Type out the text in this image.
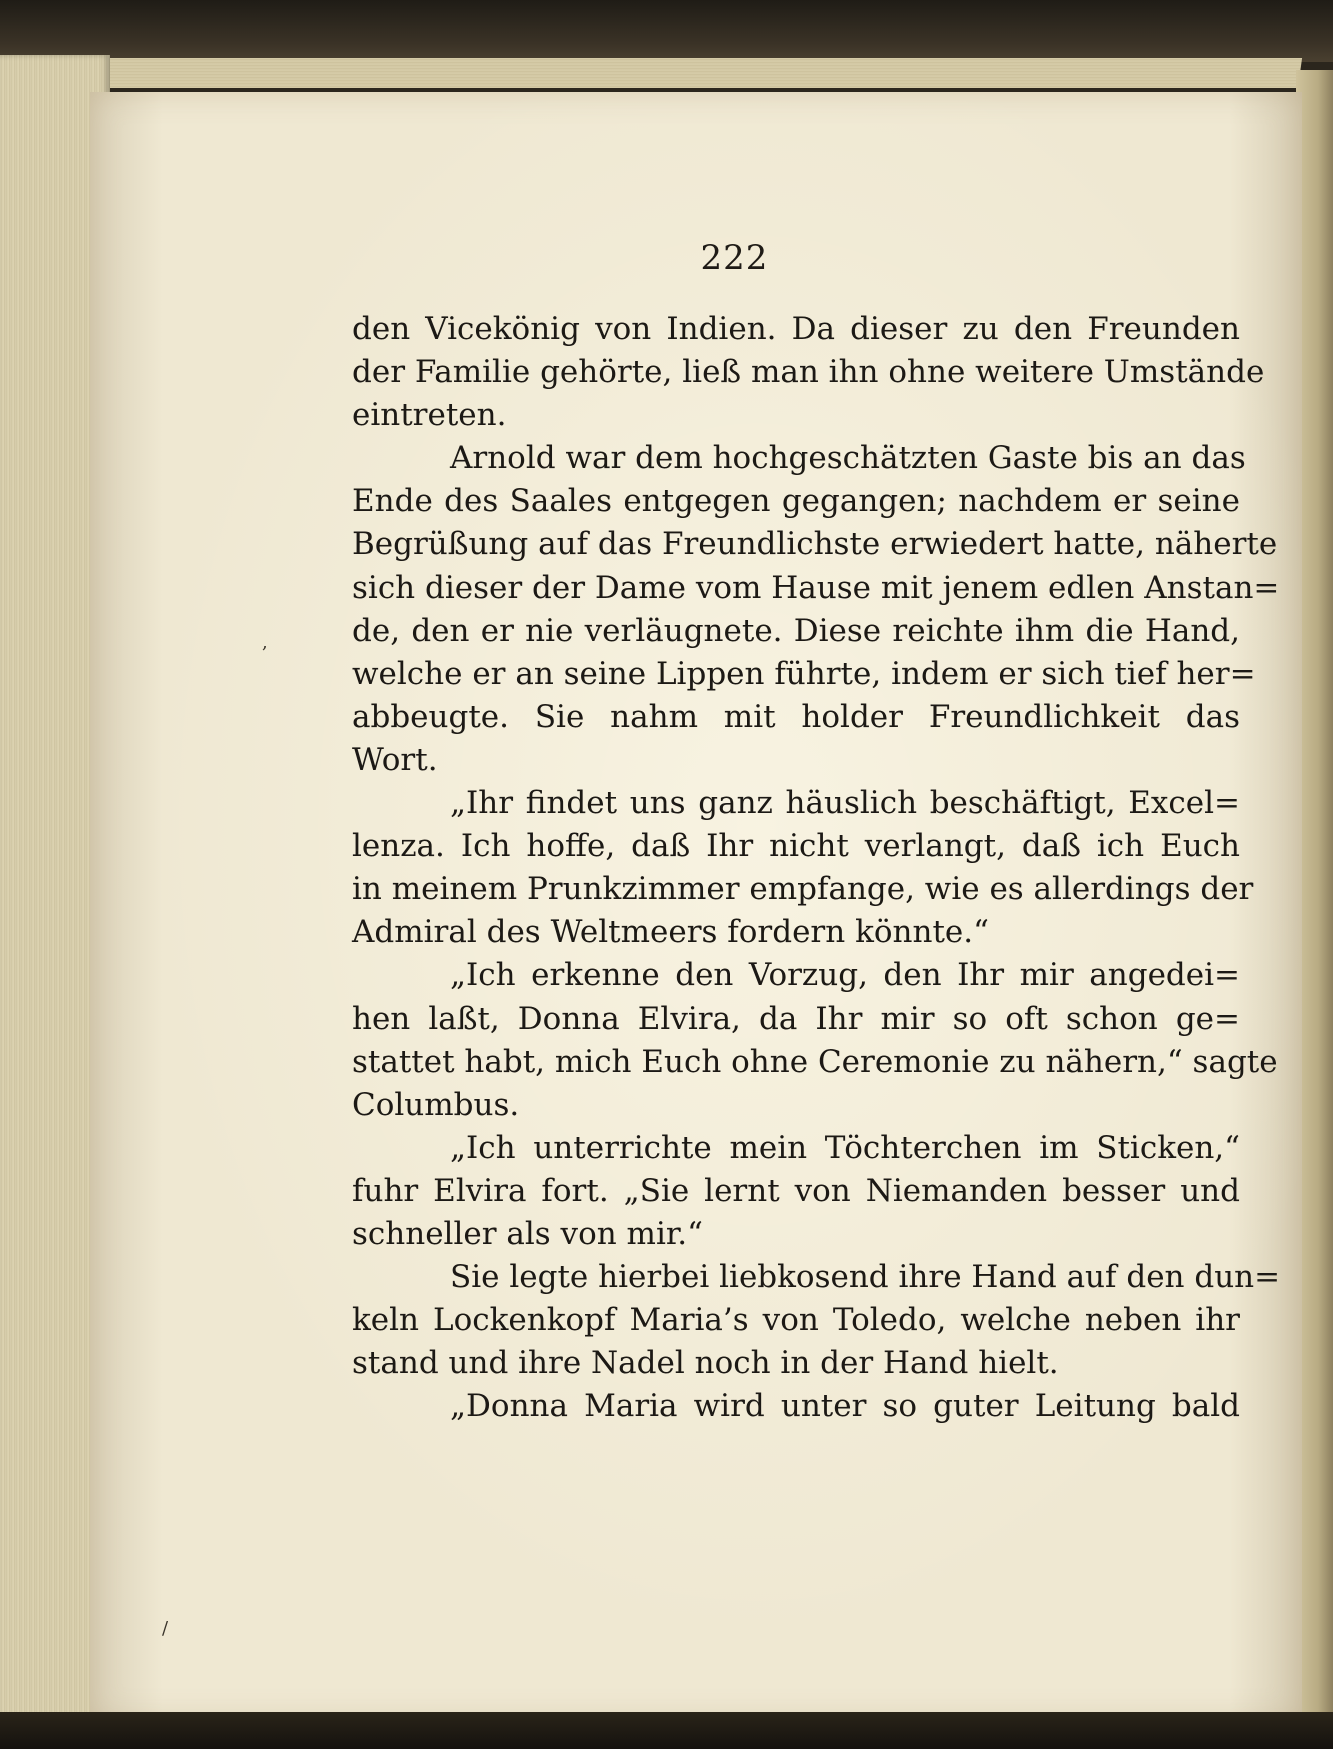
222
den Vicekönig von Indien. Da dieser zu den Freunden
der Familie gehörte, ließ man ihn ohne weitere Umstände
eintreten.
Arnold war dem hochgeschätzten Gaste bis an das
Ende des Saales entgegen gegangen; nachdem er seine
Begrüßung auf das Freundlichste erwiedert hatte, näherte
sich dieser der Dame vom Hause mit jenem edlen Anstan=
de, den er nie verläugnete. Diese reichte ihm die Hand,
welche er an seine Lippen führte, indem er sich tief her=
abbeugte. Sie nahm mit holder Freundlichkeit das
Wort.
„Ihr findet uns ganz häuslich beschäftigt, Excel=
lenza. Ich hoffe, daß Ihr nicht verlangt, daß ich Euch
in meinem Prunkzimmer empfange, wie es allerdings der
Admiral des Weltmeers fordern könnte.“
„Ich erkenne den Vorzug, den Ihr mir angedei=
hen laßt, Donna Elvira, da Ihr mir so oft schon ge=
stattet habt, mich Euch ohne Ceremonie zu nähern,“ sagte
Columbus.
„Ich unterrichte mein Töchterchen im Sticken,“
fuhr Elvira fort. „Sie lernt von Niemanden besser und
schneller als von mir.“
Sie legte hierbei liebkosend ihre Hand auf den dun=
keln Lockenkopf Maria’s von Toledo, welche neben ihr
stand und ihre Nadel noch in der Hand hielt.
„Donna Maria wird unter so guter Leitung bald
,
/
